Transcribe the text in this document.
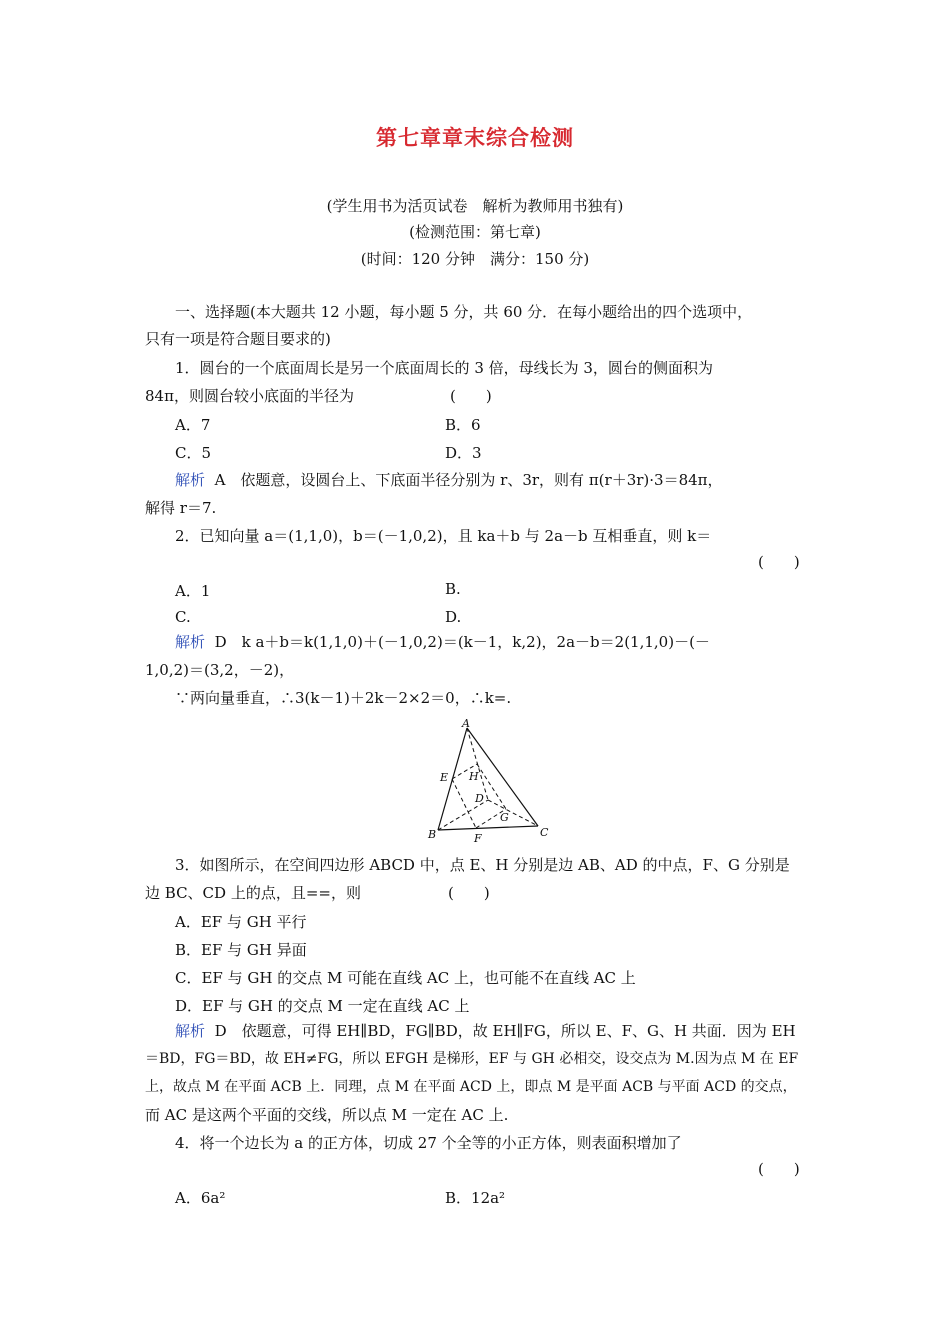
第七章章末综合检测
(学生用书为活页试卷　解析为教师用书独有)
(检测范围：第七章)
(时间：120 分钟　满分：150 分)
一、选择题(本大题共 12 小题，每小题 5 分，共 60 分．在每小题给出的四个选项中，
只有一项是符合题目要求的)
1．圆台的一个底面周长是另一个底面周长的 3 倍，母线长为 3，圆台的侧面积为
84π，则圆台较小底面的半径为	(　　)
A．7	B．6
C．5	D．3
解析 A　依题意，设圆台上、下底面半径分别为 r、3r，则有 π(r＋3r)·3＝84π，
解得 r＝7.
2．已知向量 a＝(1,1,0)，b＝(－1,0,2)，且 ka＋b 与 2a－b 互相垂直，则 k＝
(　　)
A．1	B.
C.	D.
解析 D　k a＋b＝k(1,1,0)＋(－1,0,2)＝(k－1，k,2)，2a－b＝2(1,1,0)－(－
1,0,2)＝(3,2，－2)，
∵两向量垂直，∴3(k－1)＋2k－2×2＝0，∴k=.
A
E H
D
G
B	F	C
3．如图所示，在空间四边形 ABCD 中，点 E、H 分别是边 AB、AD 的中点，F、G 分别是
边 BC、CD 上的点，且==，则	(　　)
A．EF 与 GH 平行
B．EF 与 GH 异面
C．EF 与 GH 的交点 M 可能在直线 AC 上，也可能不在直线 AC 上
D．EF 与 GH 的交点 M 一定在直线 AC 上
解析 D　依题意，可得 EH∥BD，FG∥BD，故 EH∥FG，所以 E、F、G、H 共面．因为 EH
＝BD，FG＝BD，故 EH≠FG，所以 EFGH 是梯形，EF 与 GH 必相交，设交点为 M.因为点 M 在 EF
上，故点 M 在平面 ACB 上．同理，点 M 在平面 ACD 上，即点 M 是平面 ACB 与平面 ACD 的交点，
而 AC 是这两个平面的交线，所以点 M 一定在 AC 上.
4．将一个边长为 a 的正方体，切成 27 个全等的小正方体，则表面积增加了
(　　)
A．6a²	B．12a²
